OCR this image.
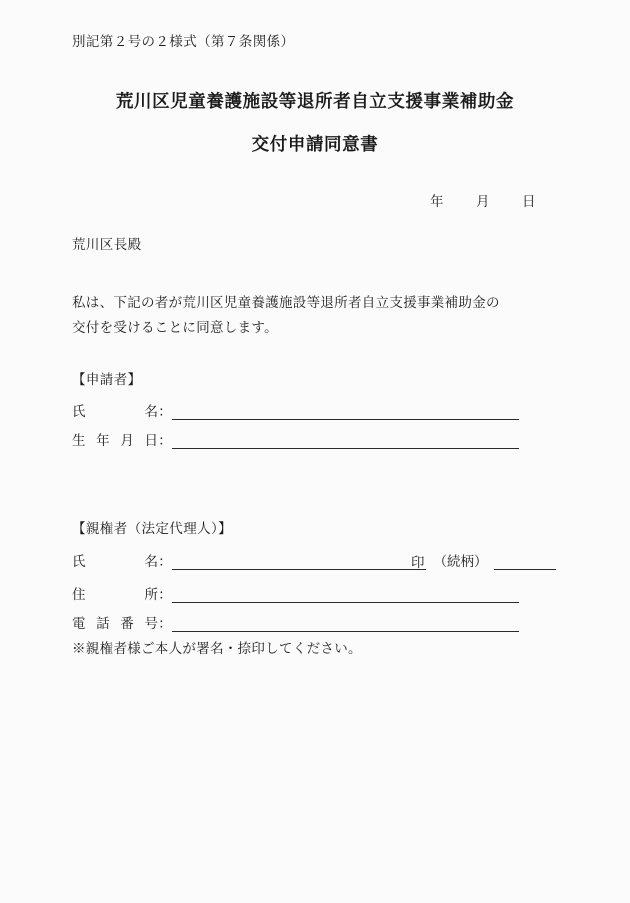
別記第２号の２様式（第７条関係）
荒川区児童養護施設等退所者自立支援事業補助金
交付申請同意書
年 月 日
荒川区長殿
私は、下記の者が荒川区児童養護施設等退所者自立支援事業補助金の
交付を受けることに同意します。
【申請者】
氏名 ：
生年月日 ：
【親権者（法定代理人）】
氏名 ：	印 （続柄）
住所 ：
電話番号 ：
※親権者様ご本人が署名・捺印してください。
